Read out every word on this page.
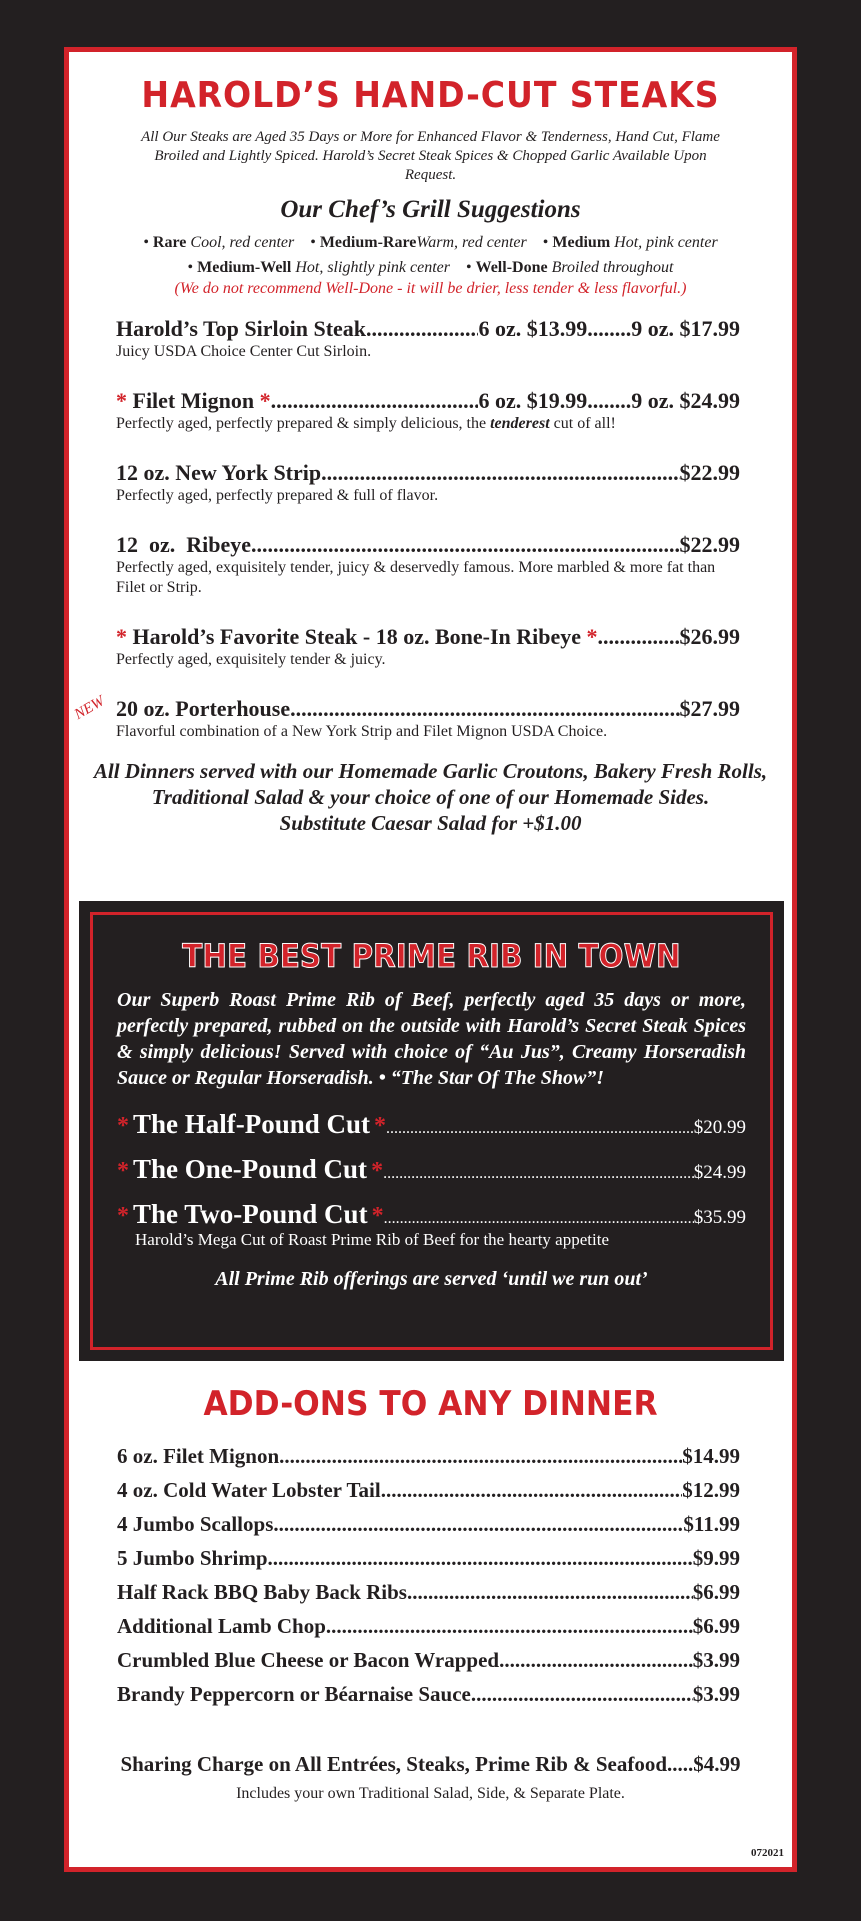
HAROLD’S HAND-CUT STEAKS
All Our Steaks are Aged 35 Days or More for Enhanced Flavor & Tenderness, Hand Cut, Flame Broiled and Lightly Spiced. Harold’s Secret Steak Spices & Chopped Garlic Available Upon Request.
Our Chef’s Grill Suggestions
• Rare Cool, red center • Medium-RareWarm, red center • Medium Hot, pink center
• Medium-Well Hot, slightly pink center • Well-Done Broiled throughout
(We do not recommend Well-Done - it will be drier, less tender & less flavorful.)
Harold’s Top Sirloin Steak .....	6 oz. $13.99........9 oz. $17.99
Juicy USDA Choice Center Cut Sirloin.
*
Filet Mignon
* .....	6 oz. $19.99........9 oz. $24.99
Perfectly aged, perfectly prepared & simply delicious, the tenderest cut of all!
12 oz. New York Strip .....	$22.99
Perfectly aged, perfectly prepared & full of flavor.
12  oz.  Ribeye .....	$22.99
Perfectly aged, exquisitely tender, juicy & deservedly famous. More marbled & more fat than Filet or Strip.
*
Harold’s Favorite Steak - 18 oz. Bone-In Ribeye
* .....	$26.99
Perfectly aged, exquisitely tender & juicy.
NEW 20 oz. Porterhouse .....	$27.99
Flavorful combination of a New York Strip and Filet Mignon USDA Choice.
All Dinners served with our Homemade Garlic Croutons, Bakery Fresh Rolls,
Traditional Salad & your choice of one of our Homemade Sides.
Substitute Caesar Salad for +$1.00
THE BEST PRIME RIB IN TOWN
Our Superb Roast Prime Rib of Beef, perfectly aged 35 days or more, perfectly prepared, rubbed on the outside with Harold’s Secret Steak Spices & simply delicious! Served with choice of “Au Jus”, Creamy Horseradish Sauce or Regular Horseradish. • “The Star Of The Show”!
*
The Half-Pound Cut
* .....	$20.99
*
The One-Pound Cut
* .....	$24.99
*
The Two-Pound Cut
* .....	$35.99
Harold’s Mega Cut of Roast Prime Rib of Beef for the hearty appetite
All Prime Rib offerings are served ‘until we run out’
ADD-ONS TO ANY DINNER
6 oz. Filet Mignon .....	$14.99
4 oz. Cold Water Lobster Tail .....	$12.99
4 Jumbo Scallops .....	$11.99
5 Jumbo Shrimp .....	$9.99
Half Rack BBQ Baby Back Ribs .....	$6.99
Additional Lamb Chop .....	$6.99
Crumbled Blue Cheese or Bacon Wrapped .....	$3.99
Brandy Peppercorn or Béarnaise Sauce .....	$3.99
Sharing Charge on All Entrées, Steaks, Prime Rib & Seafood.....$4.99
Includes your own Traditional Salad, Side, & Separate Plate.
072021
